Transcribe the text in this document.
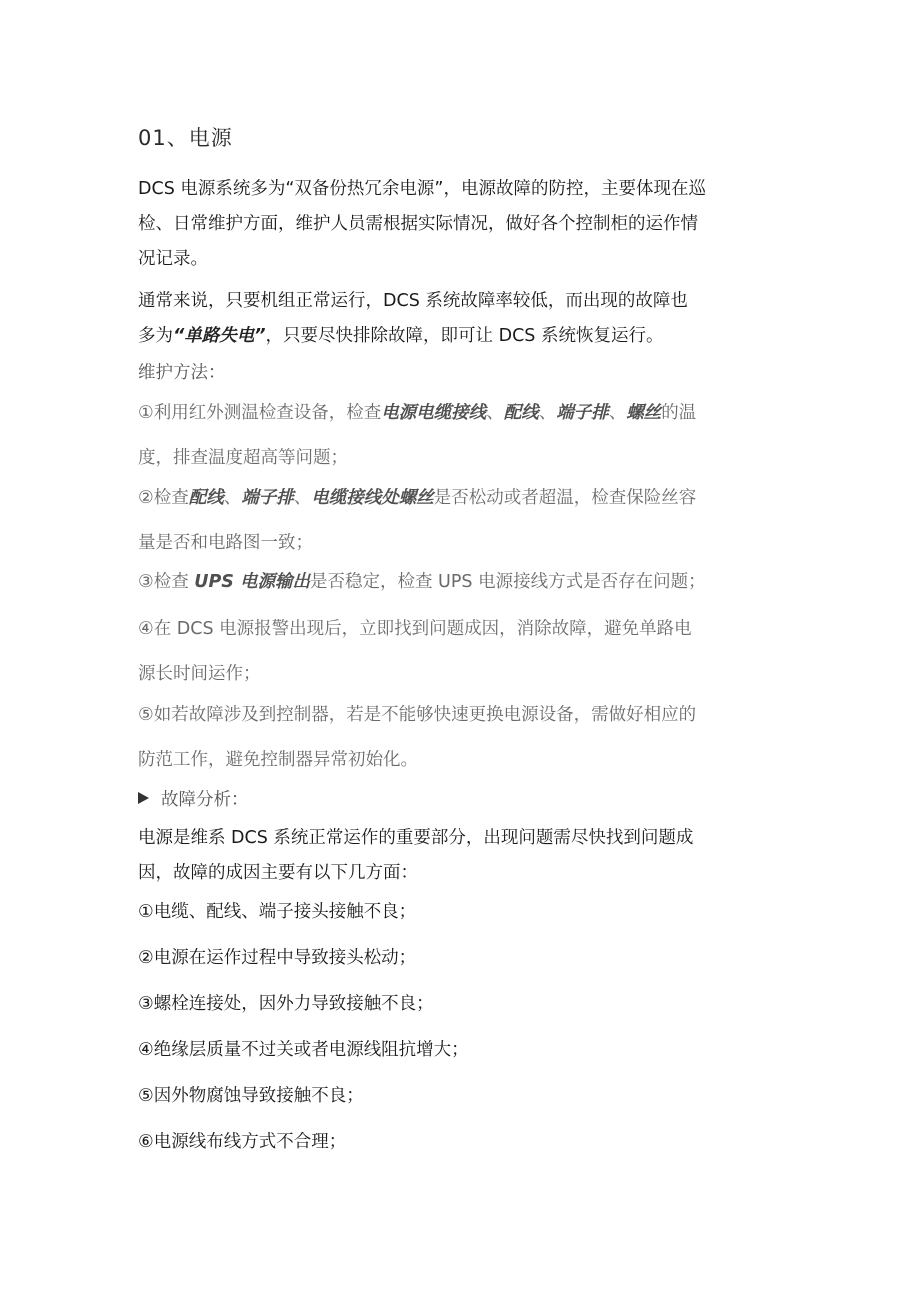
01、电源
DCS 电源系统多为“双备份热冗余电源”，电源故障的防控，主要体现在巡
检、日常维护方面，维护人员需根据实际情况，做好各个控制柜的运作情
况记录。
通常来说，只要机组正常运行，DCS 系统故障率较低，而出现的故障也
多为“单路失电”，只要尽快排除故障，即可让 DCS 系统恢复运行。
维护方法：
①利用红外测温检查设备，检查电源电缆接线、配线、端子排、螺丝的温
度，排查温度超高等问题；
②检查配线、端子排、电缆接线处螺丝是否松动或者超温，检查保险丝容
量是否和电路图一致；
③检查 UPS 电源输出是否稳定，检查 UPS 电源接线方式是否存在问题；
④在 DCS 电源报警出现后，立即找到问题成因，消除故障，避免单路电
源长时间运作；
⑤如若故障涉及到控制器，若是不能够快速更换电源设备，需做好相应的
防范工作，避免控制器异常初始化。
故障分析：
电源是维系 DCS 系统正常运作的重要部分，出现问题需尽快找到问题成
因，故障的成因主要有以下几方面：
①电缆、配线、端子接头接触不良；
②电源在运作过程中导致接头松动；
③螺栓连接处，因外力导致接触不良；
④绝缘层质量不过关或者电源线阻抗增大；
⑤因外物腐蚀导致接触不良；
⑥电源线布线方式不合理；
